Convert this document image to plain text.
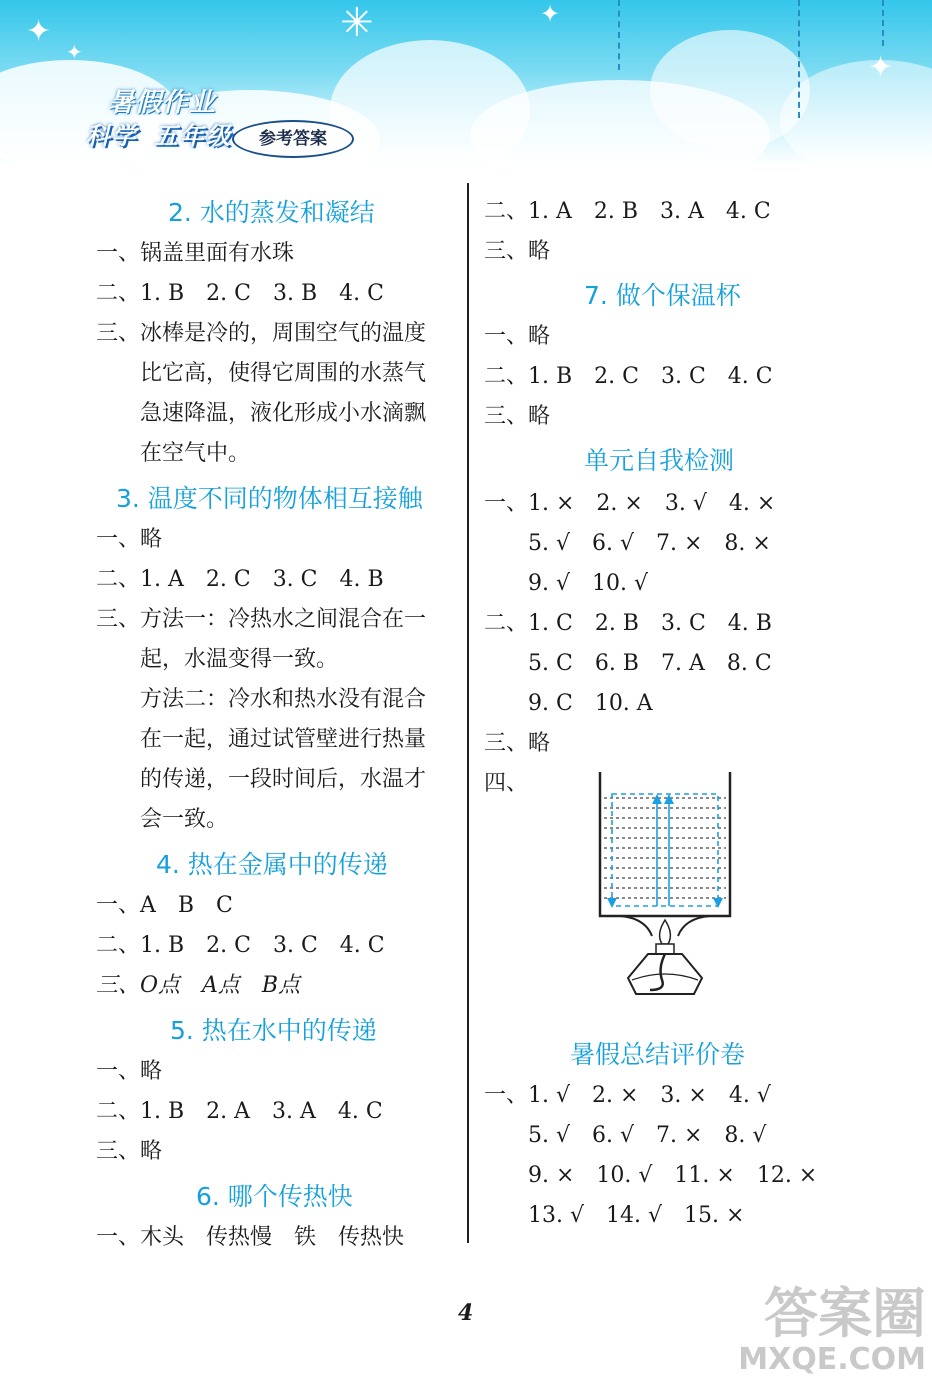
✦
✦
✳	✦
✦
暑假作业
科学 五年级	参考答案
2. 水的蒸发和凝结
一、锅盖里面有水珠
二、1. B　2. C　3. B　4. C
三、冰棒是冷的，周围空气的温度
比它高，使得它周围的水蒸气
急速降温，液化形成小水滴飘
在空气中。
3. 温度不同的物体相互接触
一、略
二、1. A　2. C　3. C　4. B
三、方法一：冷热水之间混合在一
起，水温变得一致。
方法二：冷水和热水没有混合
在一起，通过试管壁进行热量
的传递，一段时间后，水温才
会一致。
4. 热在金属中的传递
一、A　B　C
二、1. B　2. C　3. C　4. C
三、O点　A点　B点
5. 热在水中的传递
一、略
二、1. B　2. A　3. A　4. C
三、略
6. 哪个传热快
一、木头　传热慢　铁　传热快
二、1. A　2. B　3. A　4. C
三、略
7. 做个保温杯
一、略
二、1. B　2. C　3. C　4. C
三、略
单元自我检测
一、1. ×　2. ×　3. √　4. ×
5. √　6. √　7. ×　8. ×
9. √　10. √
二、1. C　2. B　3. C　4. B
5. C　6. B　7. A　8. C
9. C　10. A
三、略
四、
暑假总结评价卷
一、1. √　2. ×　3. ×　4. √
5. √　6. √　7. ×　8. √
9. ×　10. √　11. ×　12. ×
13. √　14. √　15. ×
4	答案圈
MXQE.COM
